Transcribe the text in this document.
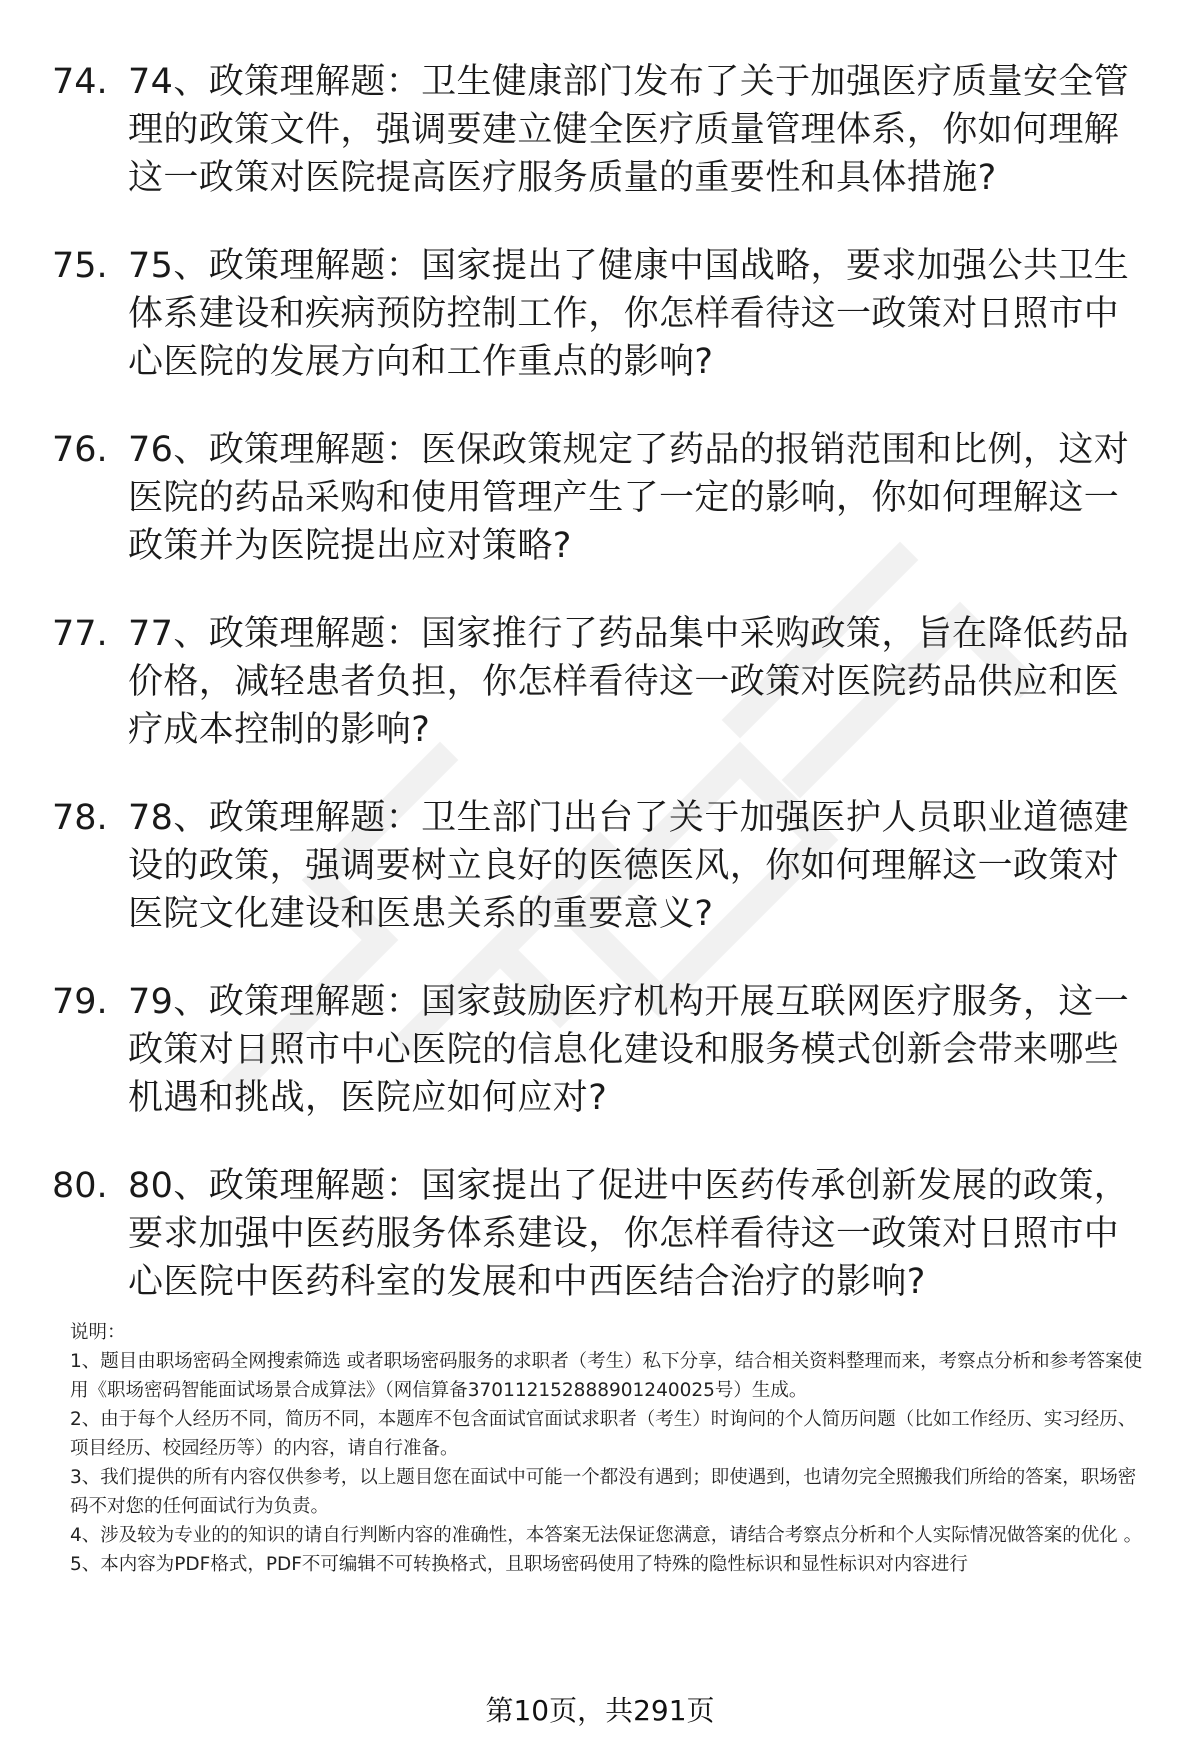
74. 74、政策理解题：卫生健康部门发布了关于加强医疗质量安全管理的政策文件，强调要建立健全医疗质量管理体系，你如何理解这一政策对医院提高医疗服务质量的重要性和具体措施?
75. 75、政策理解题：国家提出了健康中国战略，要求加强公共卫生体系建设和疾病预防控制工作，你怎样看待这一政策对日照市中心医院的发展方向和工作重点的影响?
76. 76、政策理解题：医保政策规定了药品的报销范围和比例，这对医院的药品采购和使用管理产生了一定的影响，你如何理解这一政策并为医院提出应对策略?
77. 77、政策理解题：国家推行了药品集中采购政策，旨在降低药品价格，减轻患者负担，你怎样看待这一政策对医院药品供应和医疗成本控制的影响?
78. 78、政策理解题：卫生部门出台了关于加强医护人员职业道德建设的政策，强调要树立良好的医德医风，你如何理解这一政策对医院文化建设和医患关系的重要意义?
79. 79、政策理解题：国家鼓励医疗机构开展互联网医疗服务，这一政策对日照市中心医院的信息化建设和服务模式创新会带来哪些机遇和挑战，医院应如何应对?
80. 80、政策理解题：国家提出了促进中医药传承创新发展的政策，要求加强中医药服务体系建设，你怎样看待这一政策对日照市中心医院中医药科室的发展和中西医结合治疗的影响?

说明：

1、题目由职场密码全网搜索筛选 或者职场密码服务的求职者（考生）私下分享，结合相关资料整理而来，考察点分析和参考答案使用《职场密码智能面试场景合成算法》（网信算备370112152888901240025号）生成。

2、由于每个人经历不同，简历不同，本题库不包含面试官面试求职者（考生）时询问的个人简历问题（比如工作经历、实习经历、项目经历、校园经历等）的内容，请自行准备。

3、我们提供的所有内容仅供参考，以上题目您在面试中可能一个都没有遇到；即使遇到，也请勿完全照搬我们所给的答案，职场密码不对您的任何面试行为负责。

4、涉及较为专业的的知识的请自行判断内容的准确性，本答案无法保证您满意，请结合考察点分析和个人实际情况做答案的优化 。

5、本内容为PDF格式，PDF不可编辑不可转换格式，且职场密码使用了特殊的隐性标识和显性标识对内容进行

第10页，共291页
